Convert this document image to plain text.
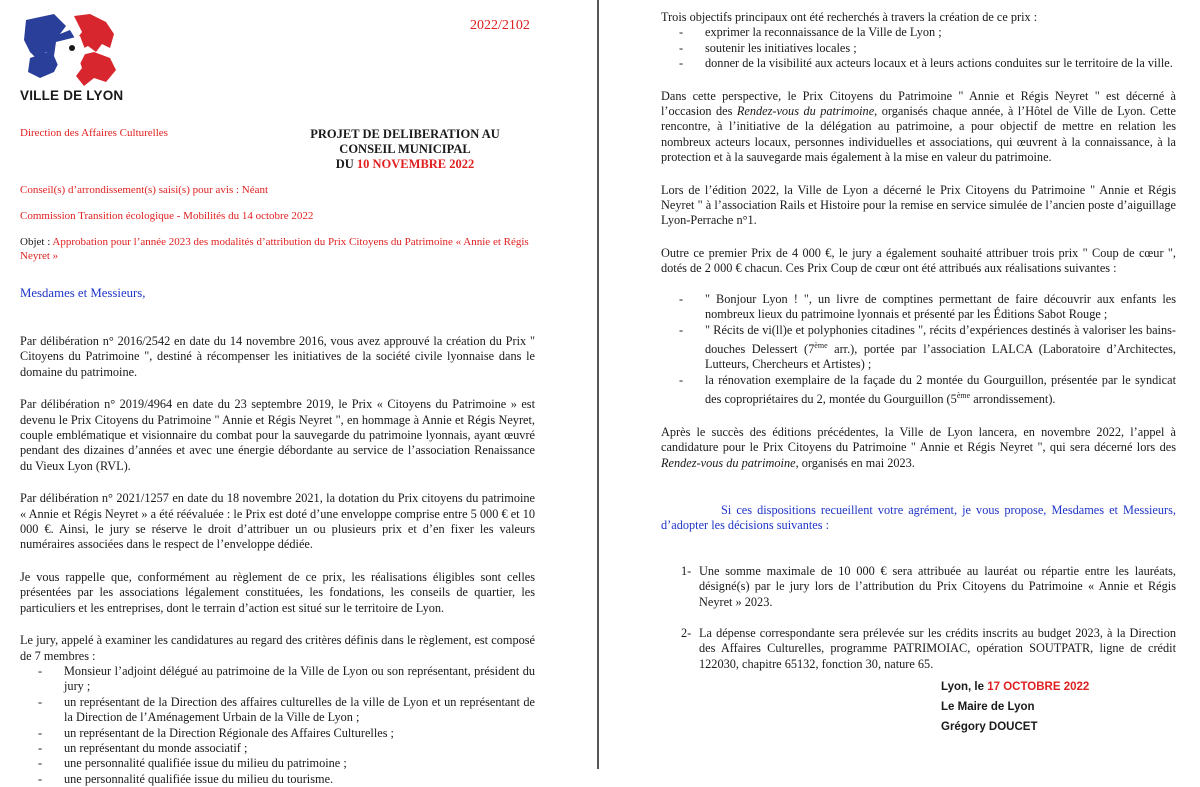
VILLE DE LYON
2022/2102
Direction des Affaires Culturelles	PROJET DE DELIBERATION AU
CONSEIL MUNICIPAL
DU 10 NOVEMBRE 2022
Conseil(s) d’arrondissement(s) saisi(s) pour avis : Néant
Commission Transition écologique - Mobilités du 14 octobre 2022
Objet : Approbation pour l’année 2023 des modalités d’attribution du Prix Citoyens du Patrimoine « Annie et Régis Neyret »
Mesdames et Messieurs,

Par délibération n° 2016/2542 en date du 14 novembre 2016, vous avez approuvé la création du Prix " Citoyens du Patrimoine ", destiné à récompenser les initiatives de la société civile lyonnaise dans le domaine du patrimoine.

Par délibération n° 2019/4964 en date du 23 septembre 2019, le Prix « Citoyens du Patrimoine » est devenu le Prix Citoyens du Patrimoine " Annie et Régis Neyret ", en hommage à Annie et Régis Neyret, couple emblématique et visionnaire du combat pour la sauvegarde du patrimoine lyonnais, ayant œuvré pendant des dizaines d’années et avec une énergie débordante au service de l’association Renaissance du Vieux Lyon (RVL).

Par délibération n° 2021/1257 en date du 18 novembre 2021, la dotation du Prix citoyens du patrimoine « Annie et Régis Neyret » a été réévaluée : le Prix est doté d’une enveloppe comprise entre 5 000 € et 10 000 €. Ainsi, le jury se réserve le droit d’attribuer un ou plusieurs prix et d’en fixer les valeurs numéraires associées dans le respect de l’enveloppe dédiée.

Je vous rappelle que, conformément au règlement de ce prix, les réalisations éligibles sont celles présentées par les associations légalement constituées, les fondations, les conseils de quartier, les particuliers et les entreprises, dont le terrain d’action est situé sur le territoire de Lyon.

Le jury, appelé à examiner les candidatures au regard des critères définis dans le règlement, est composé de 7 membres :

- Monsieur l’adjoint délégué au patrimoine de la Ville de Lyon ou son représentant, président du jury ;
- un représentant de la Direction des affaires culturelles de la ville de Lyon et un représentant de la Direction de l’Aménagement Urbain de la Ville de Lyon ;
- un représentant de la Direction Régionale des Affaires Culturelles ;
- un représentant du monde associatif ;
- une personnalité qualifiée issue du milieu du patrimoine ;
- une personnalité qualifiée issue du milieu du tourisme.

Trois objectifs principaux ont été recherchés à travers la création de ce prix :

- exprimer la reconnaissance de la Ville de Lyon ;
- soutenir les initiatives locales ;
- donner de la visibilité aux acteurs locaux et à leurs actions conduites sur le territoire de la ville.

Dans cette perspective, le Prix Citoyens du Patrimoine " Annie et Régis Neyret " est décerné à l’occasion des Rendez-vous du patrimoine, organisés chaque année, à l’Hôtel de Ville de Lyon. Cette rencontre, à l’initiative de la délégation au patrimoine, a pour objectif de mettre en relation les nombreux acteurs locaux, personnes individuelles et associations, qui œuvrent à la connaissance, à la protection et à la sauvegarde mais également à la mise en valeur du patrimoine.

Lors de l’édition 2022, la Ville de Lyon a décerné le Prix Citoyens du Patrimoine " Annie et Régis Neyret " à l’association Rails et Histoire pour la remise en service simulée de l’ancien poste d’aiguillage Lyon-Perrache n°1.

Outre ce premier Prix de 4 000 €, le jury a également souhaité attribuer trois prix " Coup de cœur ", dotés de 2 000 € chacun. Ces Prix Coup de cœur ont été attribués aux réalisations suivantes :

- " Bonjour Lyon ! ", un livre de comptines permettant de faire découvrir aux enfants les nombreux lieux du patrimoine lyonnais et présenté par les Éditions Sabot Rouge ;
- " Récits de vi(ll)e et polyphonies citadines ", récits d’expériences destinés à valoriser les bains-douches Delessert (7ème arr.), portée par l’association LALCA (Laboratoire d’Architectes, Lutteurs, Chercheurs et Artistes) ;
- la rénovation exemplaire de la façade du 2 montée du Gourguillon, présentée par le syndicat des copropriétaires du 2, montée du Gourguillon (5ème arrondissement).

Après le succès des éditions précédentes, la Ville de Lyon lancera, en novembre 2022, l’appel à candidature pour le Prix Citoyens du Patrimoine " Annie et Régis Neyret ", qui sera décerné lors des Rendez-vous du patrimoine, organisés en mai 2023.

Si ces dispositions recueillent votre agrément, je vous propose, Mesdames et Messieurs, d’adopter les décisions suivantes :

1- Une somme maximale de 10 000 € sera attribuée au lauréat ou répartie entre les lauréats, désigné(s) par le jury lors de l’attribution du Prix Citoyens du Patrimoine « Annie et Régis Neyret » 2023.
2- La dépense correspondante sera prélevée sur les crédits inscrits au budget 2023, à la Direction des Affaires Culturelles, programme PATRIMOIAC, opération SOUTPATR, ligne de crédit 122030, chapitre 65132, fonction 30, nature 65.
Lyon, le 17 OCTOBRE 2022
Le Maire de Lyon
Grégory DOUCET
